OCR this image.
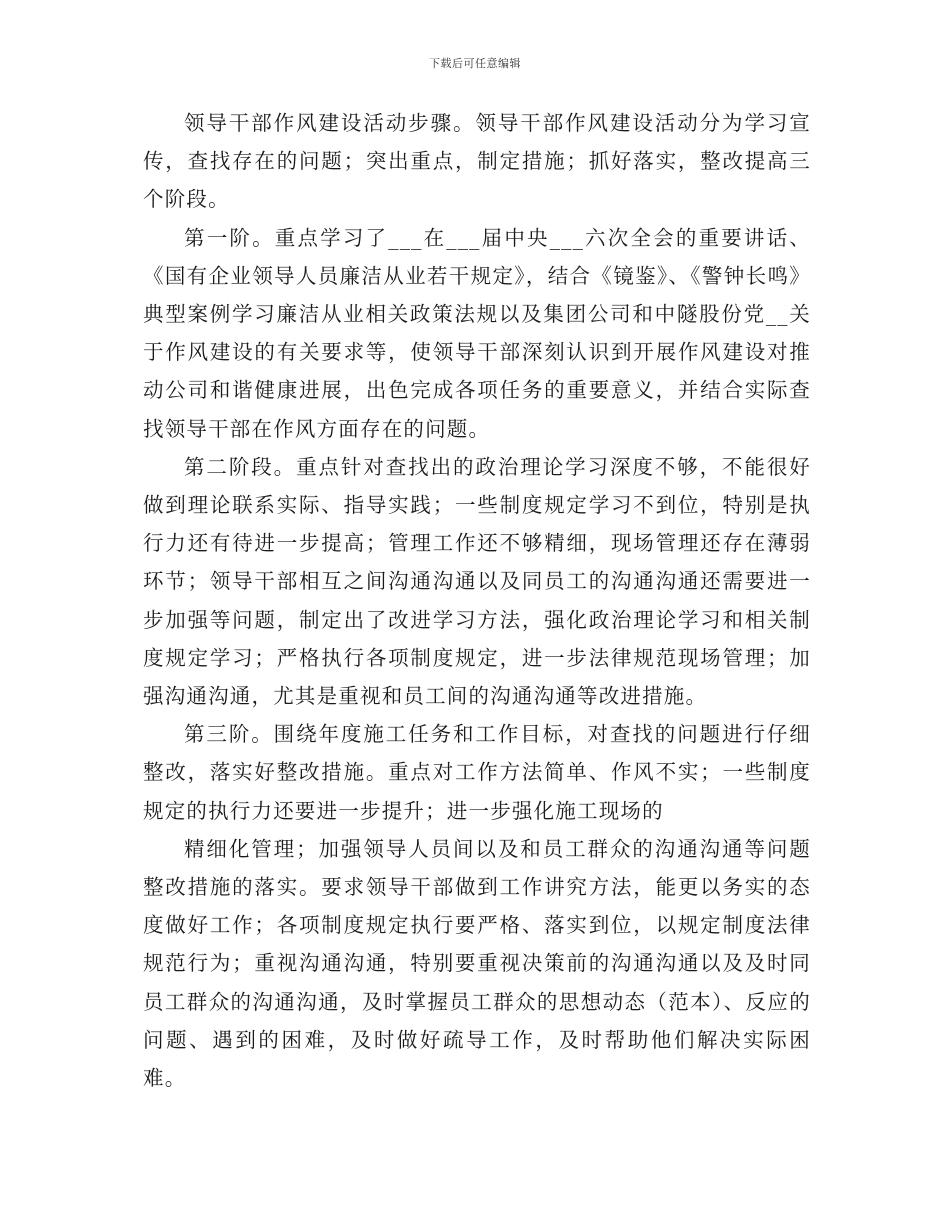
下载后可任意编辑

领导干部作风建设活动步骤。领导干部作风建设活动分为学习宣传，查找存在的问题；突出重点，制定措施；抓好落实，整改提高三个阶段。

第一阶。重点学习了___在___届中央___六次全会的重要讲话、《国有企业领导人员廉洁从业若干规定》，结合《镜鉴》、《警钟长鸣》典型案例学习廉洁从业相关政策法规以及集团公司和中隧股份党__关于作风建设的有关要求等，使领导干部深刻认识到开展作风建设对推动公司和谐健康进展，出色完成各项任务的重要意义，并结合实际查找领导干部在作风方面存在的问题。

第二阶段。重点针对查找出的政治理论学习深度不够，不能很好做到理论联系实际、指导实践；一些制度规定学习不到位，特别是执行力还有待进一步提高；管理工作还不够精细，现场管理还存在薄弱环节；领导干部相互之间沟通沟通以及同员工的沟通沟通还需要进一步加强等问题，制定出了改进学习方法，强化政治理论学习和相关制度规定学习；严格执行各项制度规定，进一步法律规范现场管理；加强沟通沟通，尤其是重视和员工间的沟通沟通等改进措施。

第三阶。围绕年度施工任务和工作目标，对查找的问题进行仔细整改，落实好整改措施。重点对工作方法简单、作风不实；一些制度规定的执行力还要进一步提升；进一步强化施工现场的

精细化管理；加强领导人员间以及和员工群众的沟通沟通等问题整改措施的落实。要求领导干部做到工作讲究方法，能更以务实的态度做好工作；各项制度规定执行要严格、落实到位，以规定制度法律规范行为；重视沟通沟通，特别要重视决策前的沟通沟通以及及时同员工群众的沟通沟通，及时掌握员工群众的思想动态（范本）、反应的问题、遇到的困难，及时做好疏导工作，及时帮助他们解决实际困难。
